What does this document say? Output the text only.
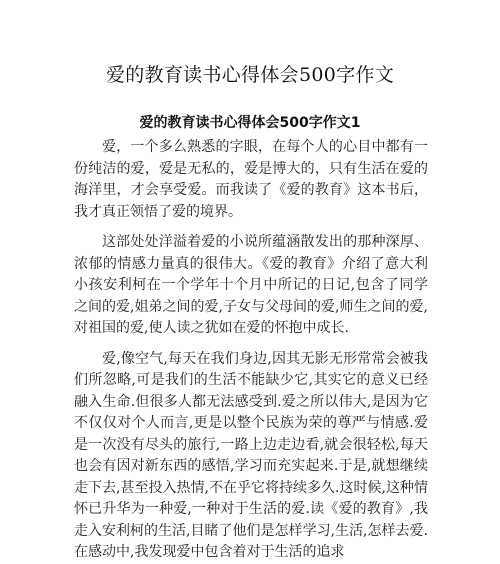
爱的教育读书心得体会500字作文
爱的教育读书心得体会500字作文1

爱，一个多么熟悉的字眼，在每个人的心目中都有一份纯洁的爱，爱是无私的，爱是博大的，只有生活在爱的海洋里，才会享受爱。而我读了《爱的教育》这本书后，我才真正领悟了爱的境界。

这部处处洋溢着爱的小说所蕴涵散发出的那种深厚、浓郁的情感力量真的很伟大。《爱的教育》介绍了意大利小孩安利柯在一个学年十个月中所记的日记,包含了同学之间的爱,姐弟之间的爱,子女与父母间的爱,师生之间的爱,对祖国的爱,使人读之犹如在爱的怀抱中成长.

爱,像空气,每天在我们身边,因其无影无形常常会被我们所忽略,可是我们的生活不能缺少它,其实它的意义已经融入生命.但很多人都无法感受到.爱之所以伟大,是因为它不仅仅对个人而言,更是以整个民族为荣的尊严与情感.爱是一次没有尽头的旅行,一路上边走边看,就会很轻松,每天也会有因对新东西的感悟,学习而充实起来.于是,就想继续走下去,甚至投入热情,不在乎它将持续多久.这时候,这种情怀已升华为一种爱,一种对于生活的爱.读《爱的教育》,我走入安利柯的生活,目睹了他们是怎样学习,生活,怎样去爱.在感动中,我发现爱中包含着对于生活的追求
